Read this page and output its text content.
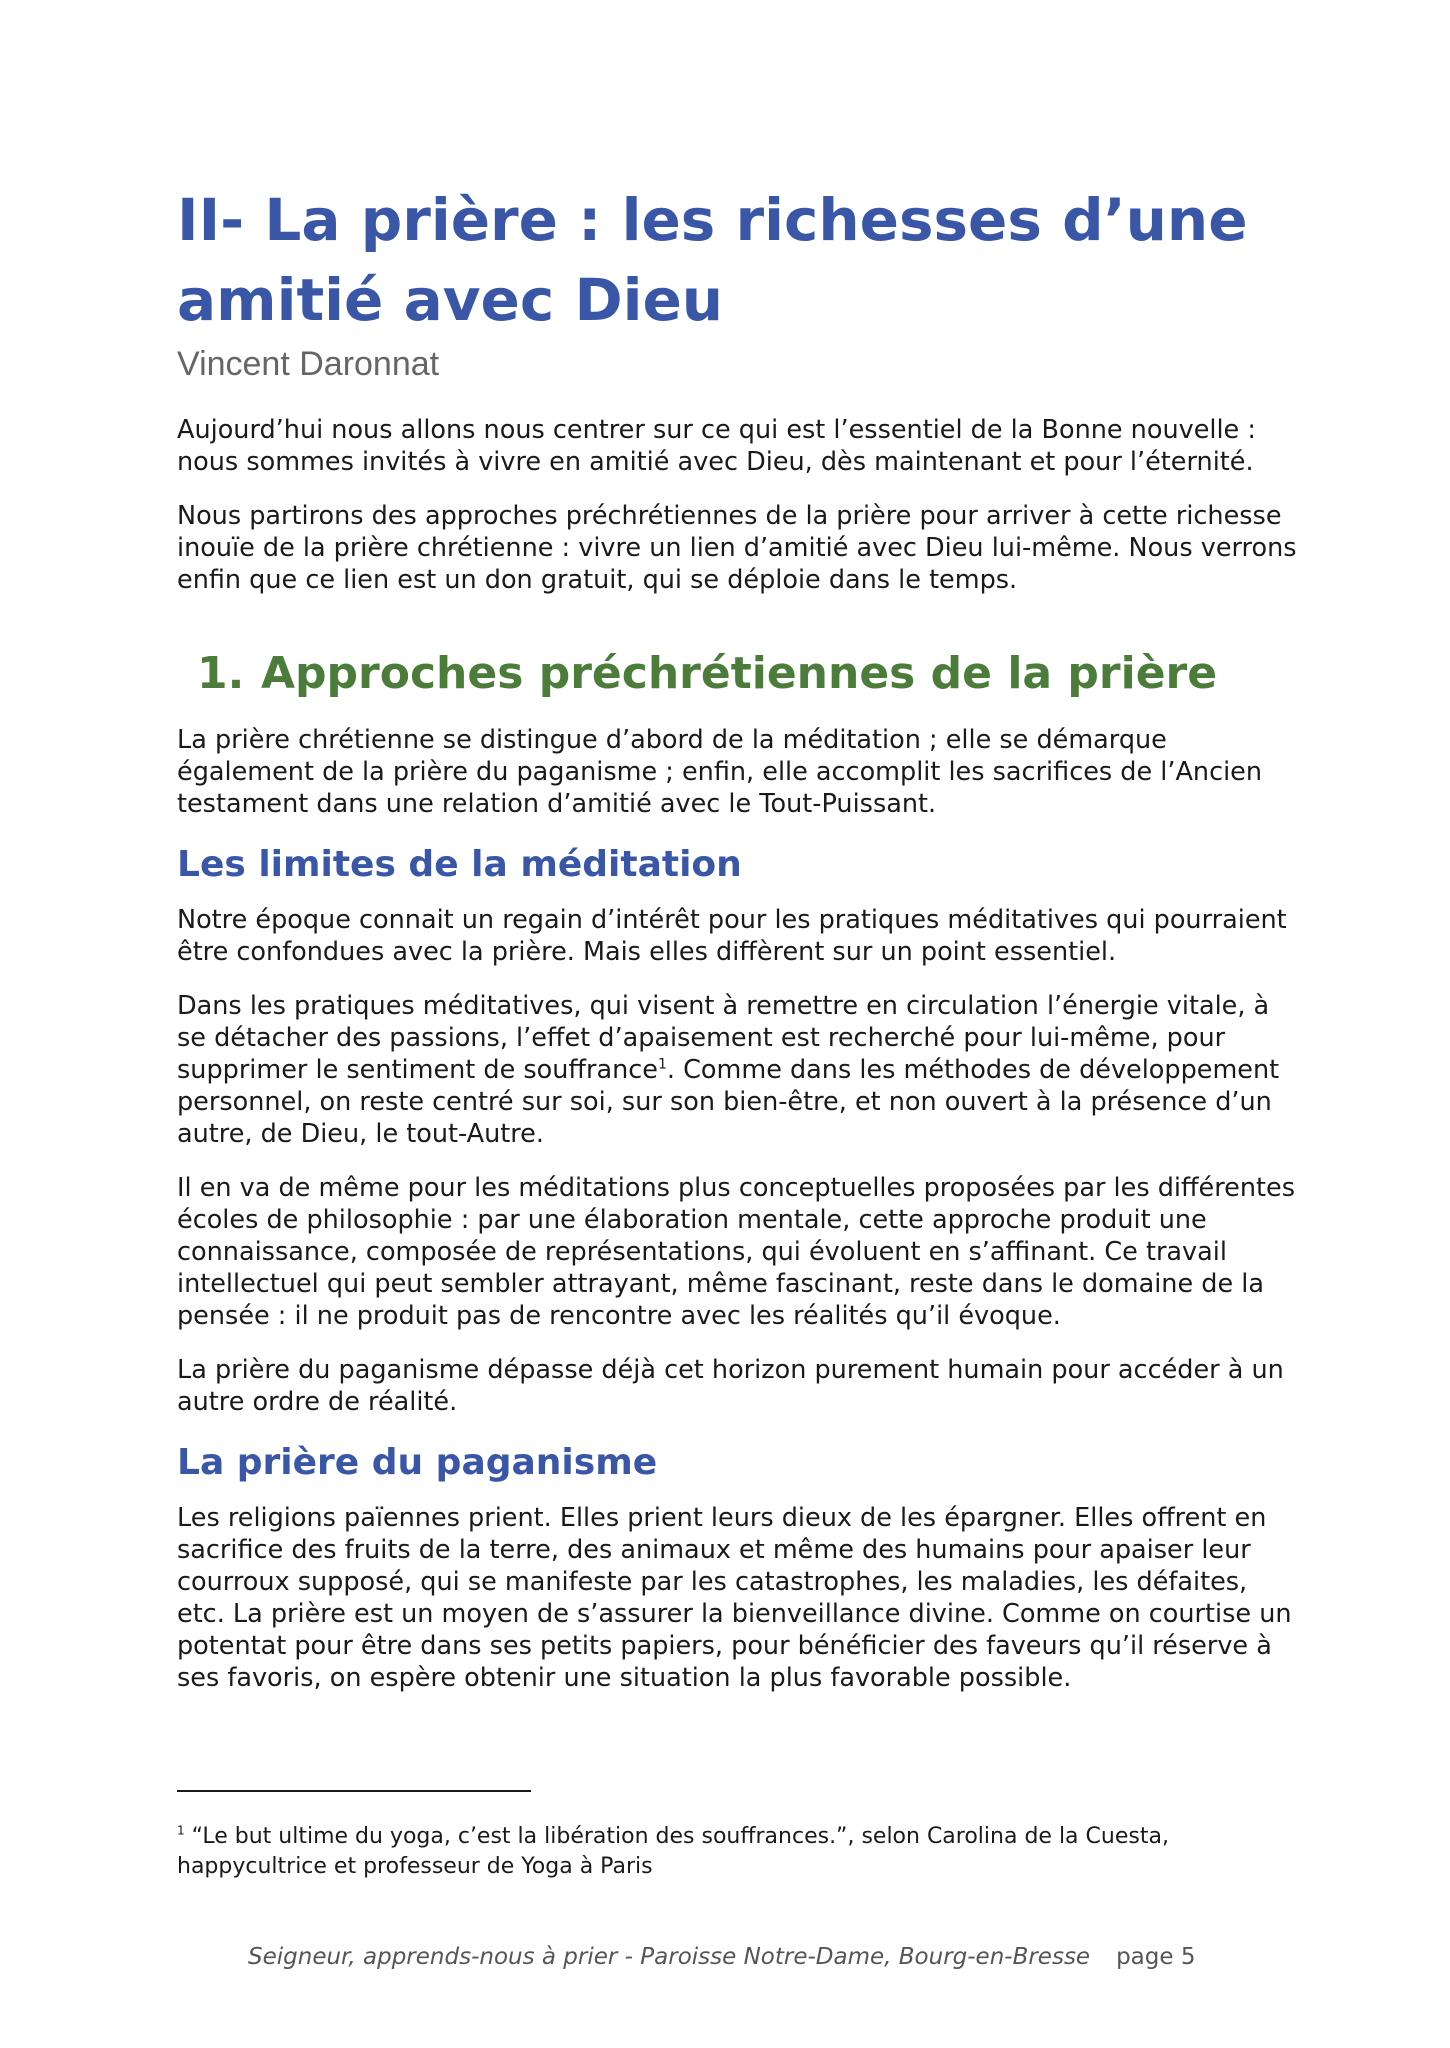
II- La prière : les richesses d’une amitié avec Dieu
Vincent Daronnat

Aujourd’hui nous allons nous centrer sur ce qui est l’essentiel de la Bonne nouvelle : nous sommes invités à vivre en amitié avec Dieu, dès maintenant et pour l’éternité.

Nous partirons des approches préchrétiennes de la prière pour arriver à cette richesse inouïe de la prière chrétienne : vivre un lien d’amitié avec Dieu lui-même. Nous verrons enfin que ce lien est un don gratuit, qui se déploie dans le temps.

1. Approches préchrétiennes de la prière

La prière chrétienne se distingue d’abord de la méditation ; elle se démarque également de la prière du paganisme ; enfin, elle accomplit les sacrifices de l’Ancien testament dans une relation d’amitié avec le Tout-Puissant.

Les limites de la méditation

Notre époque connait un regain d’intérêt pour les pratiques méditatives qui pourraient être confondues avec la prière. Mais elles diffèrent sur un point essentiel.

Dans les pratiques méditatives, qui visent à remettre en circulation l’énergie vitale, à se détacher des passions, l’effet d’apaisement est recherché pour lui-même, pour supprimer le sentiment de souffrance$^1$. Comme dans les méthodes de développement personnel, on reste centré sur soi, sur son bien-être, et non ouvert à la présence d’un autre, de Dieu, le tout-Autre.

Il en va de même pour les méditations plus conceptuelles proposées par les différentes écoles de philosophie : par une élaboration mentale, cette approche produit une connaissance, composée de représentations, qui évoluent en s’affinant. Ce travail intellectuel qui peut sembler attrayant, même fascinant, reste dans le domaine de la pensée : il ne produit pas de rencontre avec les réalités qu’il évoque.

La prière du paganisme dépasse déjà cet horizon purement humain pour accéder à un autre ordre de réalité.

La prière du paganisme

Les religions païennes prient. Elles prient leurs dieux de les épargner. Elles offrent en sacrifice des fruits de la terre, des animaux et même des humains pour apaiser leur courroux supposé, qui se manifeste par les catastrophes, les maladies, les défaites, etc. La prière est un moyen de s’assurer la bienveillance divine. Comme on courtise un potentat pour être dans ses petits papiers, pour bénéficier des faveurs qu’il réserve à ses favoris, on espère obtenir une situation la plus favorable possible.

$^1$ “Le but ultime du yoga, c’est la libération des souffrances.”, selon Carolina de la Cuesta, happycultrice et professeur de Yoga à Paris
Seigneur, apprends-nous à prier - Paroisse Notre-Dame, Bourg-en-Bresse page 5
